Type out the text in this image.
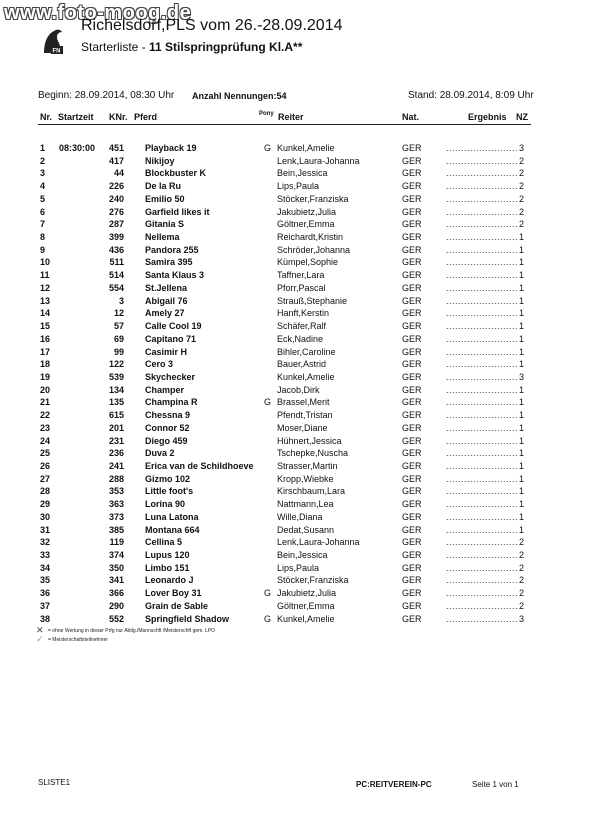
www.foto-moog.de
FN
Richelsdorf,PLS vom 26.-28.09.2014
Starterliste - 11 Stilspringprüfung Kl.A**
Beginn: 28.09.2014, 08:30 Uhr Anzahl Nennungen:54	Stand: 28.09.2014, 8:09 Uhr
Nr. Startzeit KNr. Pferd	Pony Reiter	Nat.	Ergebnis NZ
1 08:30:00	451 Playback 19	G Kunkel,Amelie	GER	........................ 3
2	417 Nikijoy	Lenk,Laura-Johanna	GER	........................ 2
3	44 Blockbuster K	Bein,Jessica	GER	........................ 2
4	226 De la Ru	Lips,Paula	GER	........................ 2
5	240 Emilio 50	Stöcker,Franziska	GER	........................ 2
6	276 Garfield likes it	Jakubietz,Julia	GER	........................ 2
7	287 Gitania S	Göltner,Emma	GER	........................ 2
8	399 Nellema	Reichardt,Kristin	GER	........................ 1
9	436 Pandora 255	Schröder,Johanna	GER	........................ 1
10	511 Samira 395	Kümpel,Sophie	GER	........................ 1
11	514 Santa Klaus 3	Taffner,Lara	GER	........................ 1
12	554 St.Jellena	Pforr,Pascal	GER	........................ 1
13	3 Abigail 76	Strauß,Stephanie	GER	........................ 1
14	12 Amely 27	Hanft,Kerstin	GER	........................ 1
15	57 Calle Cool 19	Schäfer,Ralf	GER	........................ 1
16	69 Capitano 71	Eck,Nadine	GER	........................ 1
17	99 Casimir H	Bihler,Caroline	GER	........................ 1
18	122 Cero 3	Bauer,Astrid	GER	........................ 1
19	539 Skychecker	Kunkel,Amelie	GER	........................ 3
20	134 Champer	Jacob,Dirk	GER	........................ 1
21	135 Champina R	G Brassel,Merit	GER	........................ 1
22	615 Chessna 9	Pfendt,Tristan	GER	........................ 1
23	201 Connor 52	Moser,Diane	GER	........................ 1
24	231 Diego 459	Hühnert,Jessica	GER	........................ 1
25	236 Duva 2	Tschepke,Nuscha	GER	........................ 1
26	241 Erica van de Schildhoeve	Strasser,Martin	GER	........................ 1
27	288 Gizmo 102	Kropp,Wiebke	GER	........................ 1
28	353 Little foot's	Kirschbaum,Lara	GER	........................ 1
29	363 Lorina 90	Nattmann,Lea	GER	........................ 1
30	373 Luna Latona	Wille,Diana	GER	........................ 1
31	385 Montana 664	Dedat,Susann	GER	........................ 1
32	119 Cellina 5	Lenk,Laura-Johanna	GER	........................ 2
33	374 Lupus 120	Bein,Jessica	GER	........................ 2
34	350 Limbo 151	Lips,Paula	GER	........................ 2
35	341 Leonardo J	Stöcker,Franziska	GER	........................ 2
36	366 Lover Boy 31	G Jakubietz,Julia	GER	........................ 2
37	290 Grain de Sable	Göltner,Emma	GER	........................ 2
38	552 Springfield Shadow	G Kunkel,Amelie	GER	........................ 3
✕ = ohne Wertung in dieser Prfg nur Abtlg./Mannschft /Meisterschft gem. LPO
✓ = Meisterschaftsteilnehmer
SLISTE1	PC:REITVEREIN-PC	Seite 1 von 1
